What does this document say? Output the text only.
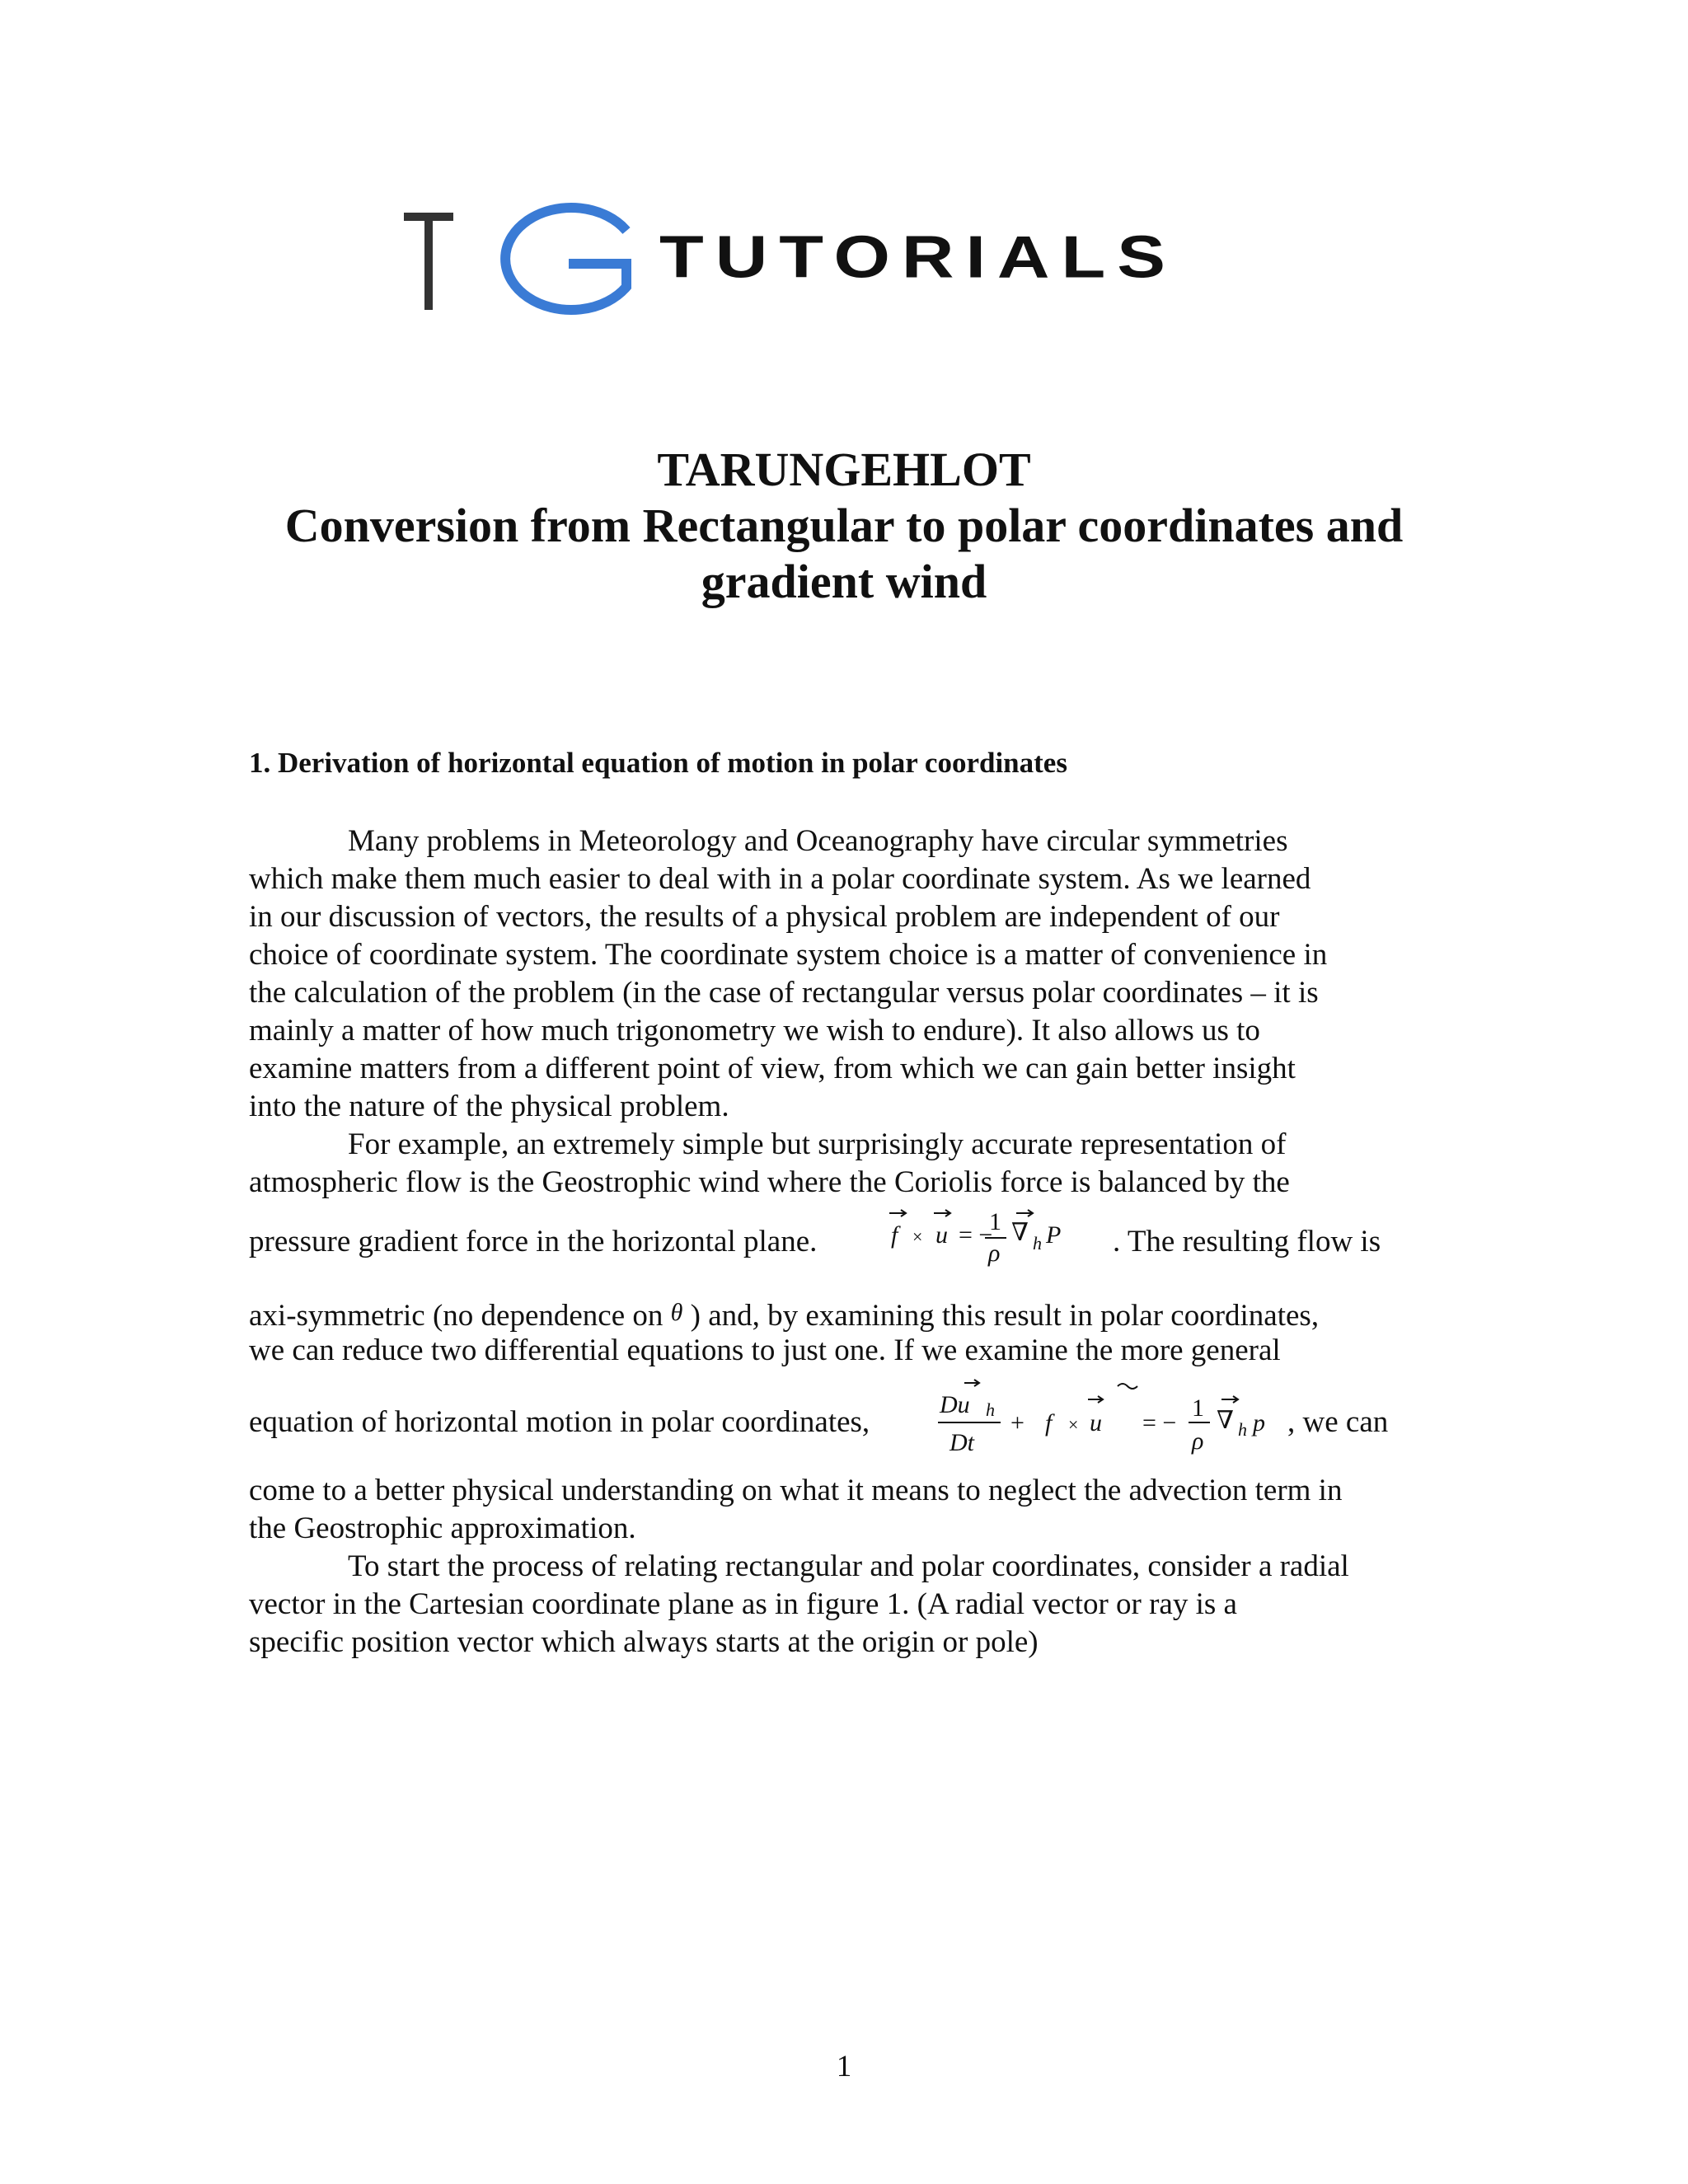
TUTORIALS
TARUNGEHLOT
Conversion from Rectangular to polar coordinates and
gradient wind
1. Derivation of horizontal equation of motion in polar coordinates
Many problems in Meteorology and Oceanography have circular symmetries
which make them much easier to deal with in a polar coordinate system. As we learned
in our discussion of vectors, the results of a physical problem are independent of our
choice of coordinate system. The coordinate system choice is a matter of convenience in
the calculation of the problem (in the case of rectangular versus polar coordinates – it is
mainly a matter of how much trigonometry we wish to endure). It also allows us to
examine matters from a different point of view, from which we can gain better insight
into the nature of the physical problem.
For example, an extremely simple but surprisingly accurate representation of
atmospheric flow is the Geostrophic wind where the Coriolis force is balanced by the
pressure gradient force in the horizontal plane.	f × u = −
1
ρ
∇ h P . The resulting flow is
axi-symmetric (no dependence on θ ) and, by examining this result in polar coordinates,
we can reduce two differential equations to just one. If we examine the more general
equation of horizontal motion in polar coordinates,
Du h
Dt
+ f × u = −
1
ρ
∇ h p , we can
come to a better physical understanding on what it means to neglect the advection term in
the Geostrophic approximation.
To start the process of relating rectangular and polar coordinates, consider a radial
vector in the Cartesian coordinate plane as in figure 1. (A radial vector or ray is a
specific position vector which always starts at the origin or pole)
1
